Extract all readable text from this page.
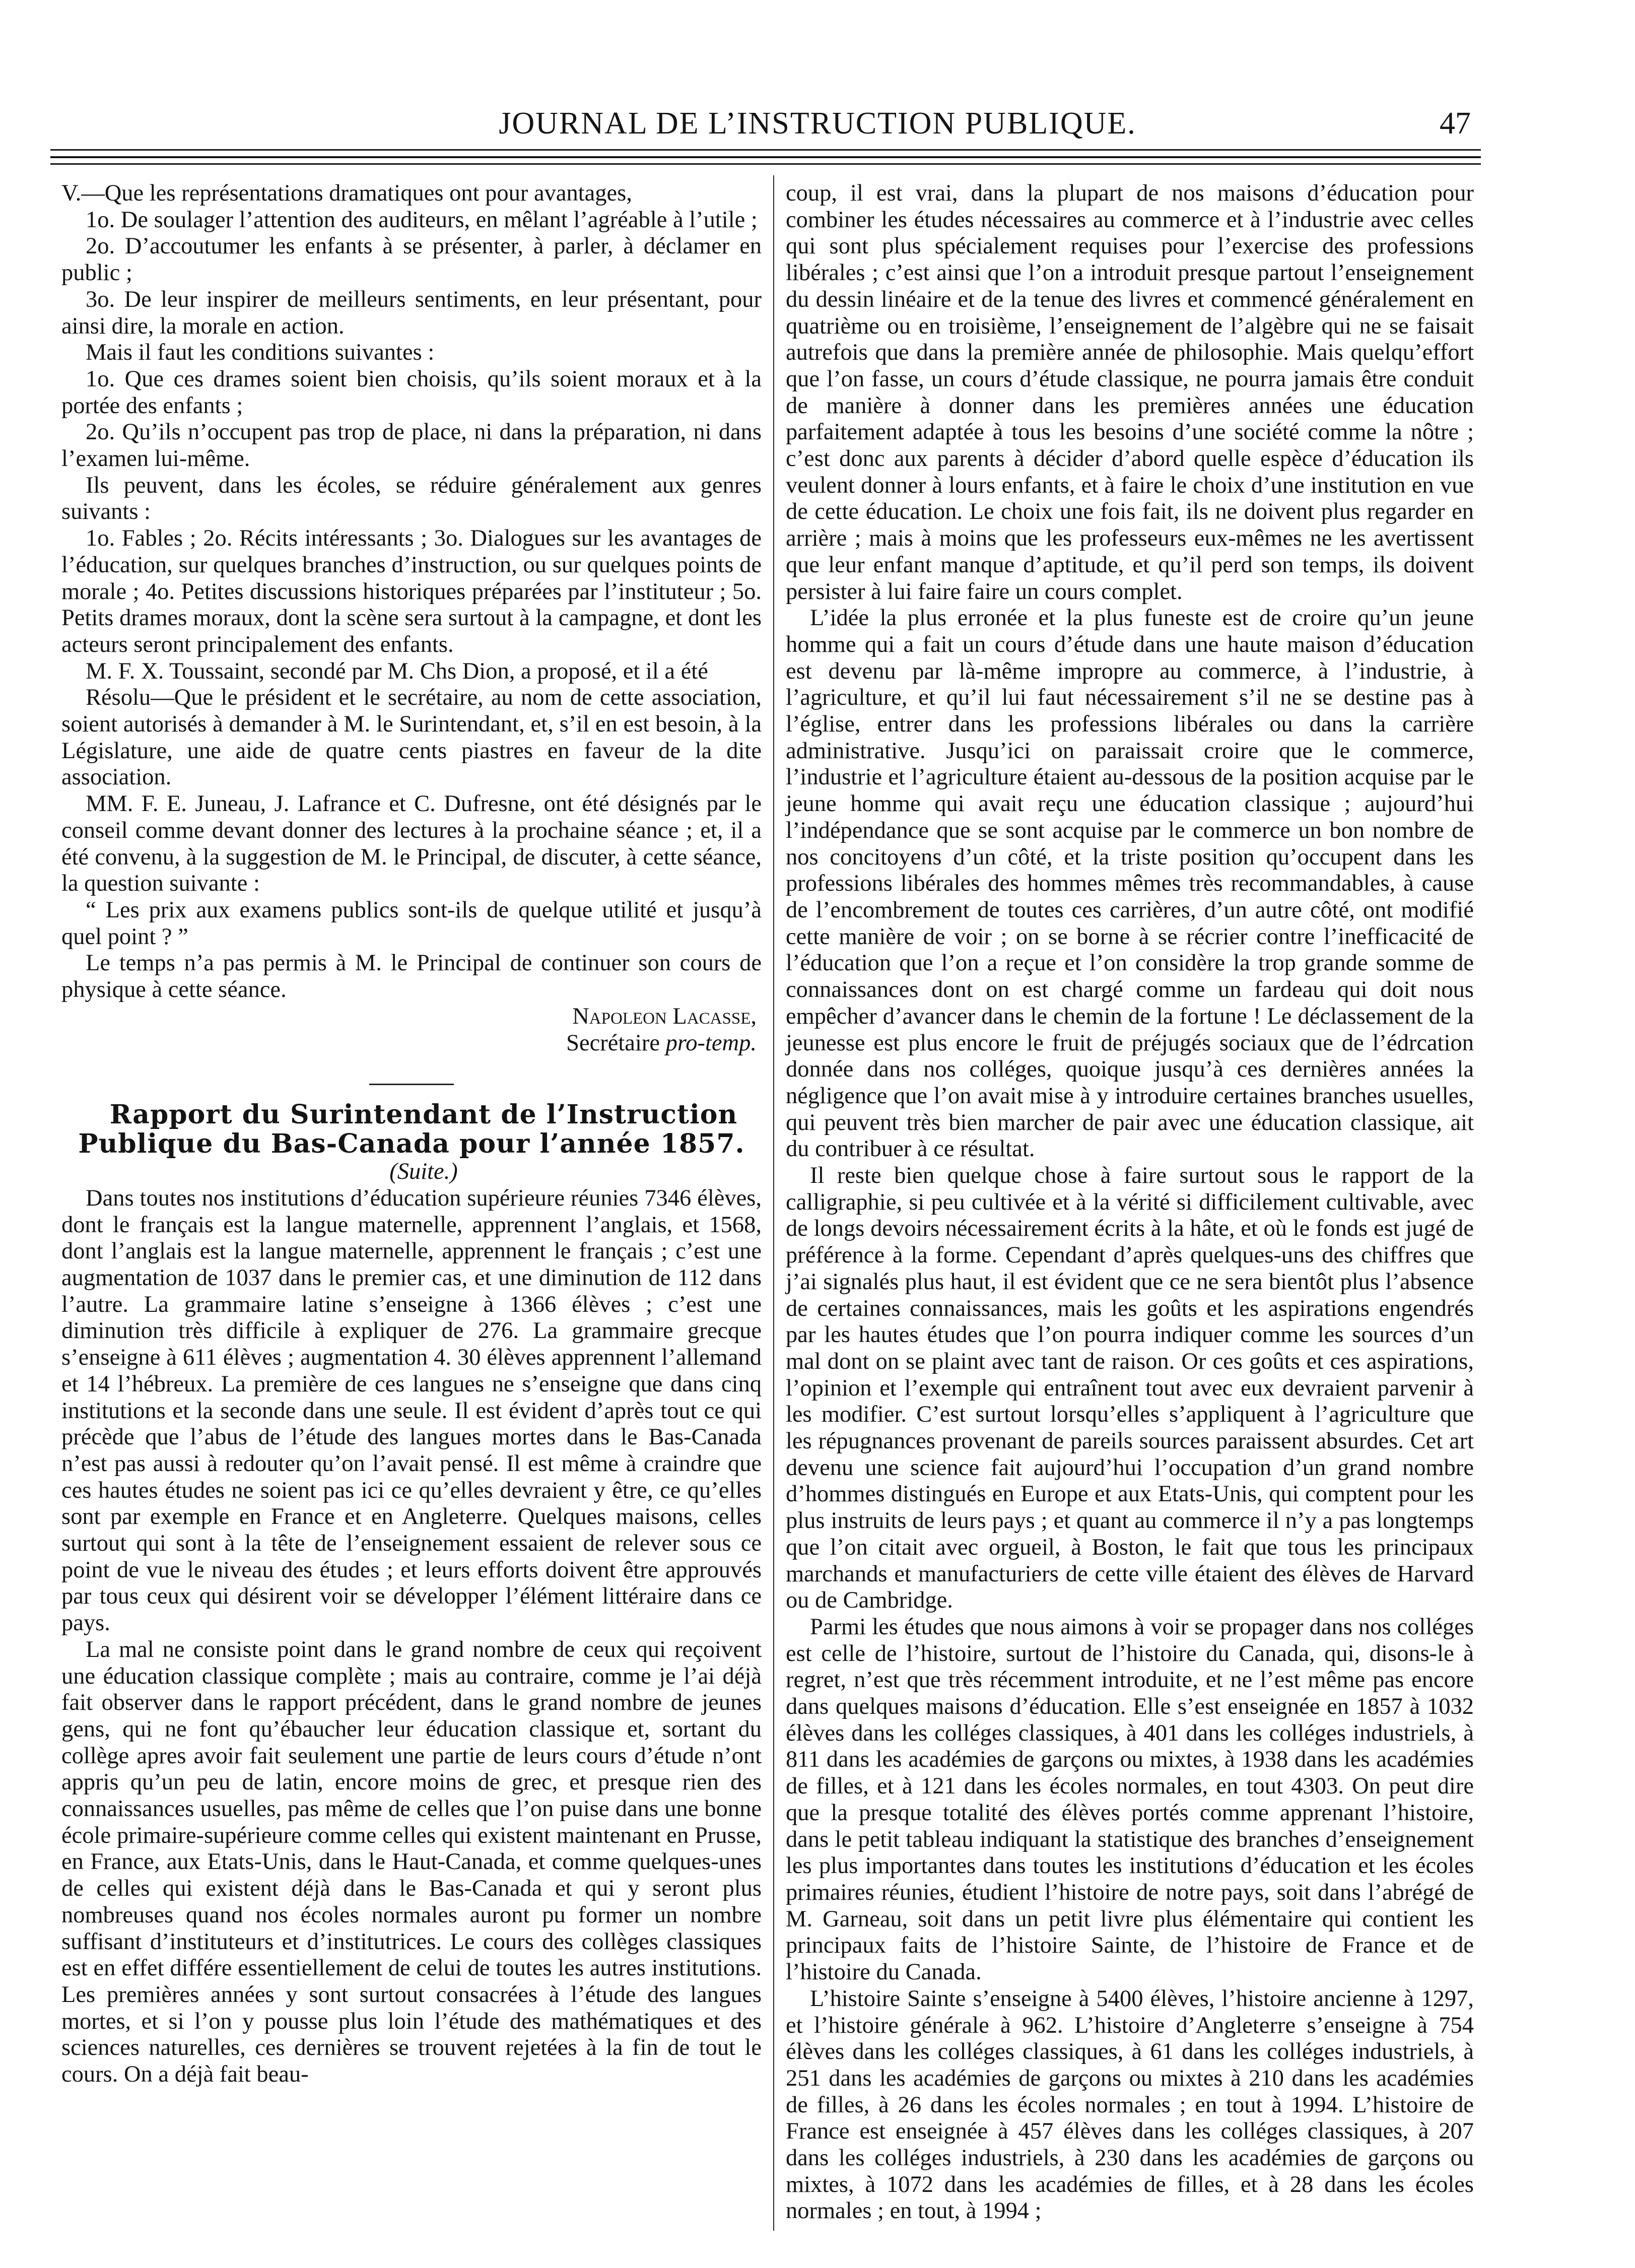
JOURNAL DE L’INSTRUCTION PUBLIQUE.	47

V.—Que les représentations dramatiques ont pour avantages,

1o. De soulager l’attention des auditeurs, en mêlant l’agréable à l’utile ;

2o. D’accoutumer les enfants à se présenter, à parler, à déclamer en public ;

3o. De leur inspirer de meilleurs sentiments, en leur présentant, pour ainsi dire, la morale en action.

Mais il faut les conditions suivantes :

1o. Que ces drames soient bien choisis, qu’ils soient moraux et à la portée des enfants ;

2o. Qu’ils n’occupent pas trop de place, ni dans la préparation, ni dans l’examen lui-même.

Ils peuvent, dans les écoles, se réduire généralement aux genres suivants :

1o. Fables ; 2o. Récits intéressants ; 3o. Dialogues sur les avantages de l’éducation, sur quelques branches d’instruction, ou sur quelques points de morale ; 4o. Petites discussions historiques préparées par l’instituteur ; 5o. Petits drames moraux, dont la scène sera surtout à la campagne, et dont les acteurs seront principalement des enfants.

M. F. X. Toussaint, secondé par M. Chs Dion, a proposé, et il a été

Résolu—Que le président et le secrétaire, au nom de cette association, soient autorisés à demander à M. le Surintendant, et, s’il en est besoin, à la Législature, une aide de quatre cents piastres en faveur de la dite association.

MM. F. E. Juneau, J. Lafrance et C. Dufresne, ont été désignés par le conseil comme devant donner des lectures à la prochaine séance ; et, il a été convenu, à la suggestion de M. le Principal, de discuter, à cette séance, la question suivante :

“ Les prix aux examens publics sont-ils de quelque utilité et jusqu’à quel point ? ”

Le temps n’a pas permis à M. le Principal de continuer son cours de physique à cette séance.

Napoleon Lacasse,

Secrétaire pro-temp.

Rapport du Surintendant de l’Instruction Publique du Bas-Canada pour l’année 1857.

(Suite.)

Dans toutes nos institutions d’éducation supérieure réunies 7346 élèves, dont le français est la langue maternelle, apprennent l’anglais, et 1568, dont l’anglais est la langue maternelle, apprennent le français ; c’est une augmentation de 1037 dans le premier cas, et une diminution de 112 dans l’autre. La grammaire latine s’enseigne à 1366 élèves ; c’est une diminution très difficile à expliquer de 276. La grammaire grecque s’enseigne à 611 élèves ; augmentation 4. 30 élèves apprennent l’allemand et 14 l’hébreux. La première de ces langues ne s’enseigne que dans cinq institutions et la seconde dans une seule. Il est évident d’après tout ce qui précède que l’abus de l’étude des langues mortes dans le Bas-Canada n’est pas aussi à redouter qu’on l’avait pensé. Il est même à craindre que ces hautes études ne soient pas ici ce qu’elles devraient y être, ce qu’elles sont par exemple en France et en Angleterre. Quelques maisons, celles surtout qui sont à la tête de l’enseignement essaient de relever sous ce point de vue le niveau des études ; et leurs efforts doivent être approuvés par tous ceux qui désirent voir se développer l’élément littéraire dans ce pays.

La mal ne consiste point dans le grand nombre de ceux qui reçoivent une éducation classique complète ; mais au contraire, comme je l’ai déjà fait observer dans le rapport précédent, dans le grand nombre de jeunes gens, qui ne font qu’ébaucher leur éducation classique et, sortant du collège apres avoir fait seulement une partie de leurs cours d’étude n’ont appris qu’un peu de latin, encore moins de grec, et presque rien des connaissances usuelles, pas même de celles que l’on puise dans une bonne école primaire-supérieure comme celles qui existent maintenant en Prusse, en France, aux Etats-Unis, dans le Haut-Canada, et comme quelques-unes de celles qui existent déjà dans le Bas-Canada et qui y seront plus nombreuses quand nos écoles normales auront pu former un nombre suffisant d’instituteurs et d’institutrices. Le cours des collèges classiques est en effet différe essentiellement de celui de toutes les autres institutions. Les premières années y sont surtout consacrées à l’étude des langues mortes, et si l’on y pousse plus loin l’étude des mathématiques et des sciences naturelles, ces dernières se trouvent rejetées à la fin de tout le cours. On a déjà fait beau-

coup, il est vrai, dans la plupart de nos maisons d’éducation pour combiner les études nécessaires au commerce et à l’industrie avec celles qui sont plus spécialement requises pour l’exercise des professions libérales ; c’est ainsi que l’on a introduit presque partout l’enseignement du dessin linéaire et de la tenue des livres et commencé généralement en quatrième ou en troisième, l’enseignement de l’algèbre qui ne se faisait autrefois que dans la première année de philosophie. Mais quelqu’effort que l’on fasse, un cours d’étude classique, ne pourra jamais être conduit de manière à donner dans les premières années une éducation parfaitement adaptée à tous les besoins d’une société comme la nôtre ; c’est donc aux parents à décider d’abord quelle espèce d’éducation ils veulent donner à lours enfants, et à faire le choix d’une institution en vue de cette éducation. Le choix une fois fait, ils ne doivent plus regarder en arrière ; mais à moins que les professeurs eux-mêmes ne les avertissent que leur enfant manque d’aptitude, et qu’il perd son temps, ils doivent persister à lui faire faire un cours complet.

L’idée la plus erronée et la plus funeste est de croire qu’un jeune homme qui a fait un cours d’étude dans une haute maison d’éducation est devenu par là-même impropre au commerce, à l’industrie, à l’agriculture, et qu’il lui faut nécessairement s’il ne se destine pas à l’église, entrer dans les professions libérales ou dans la carrière administrative. Jusqu’ici on paraissait croire que le commerce, l’industrie et l’agriculture étaient au-dessous de la position acquise par le jeune homme qui avait reçu une éducation classique ; aujourd’hui l’indépendance que se sont acquise par le commerce un bon nombre de nos concitoyens d’un côté, et la triste position qu’occupent dans les professions libérales des hommes mêmes très recommandables, à cause de l’encombrement de toutes ces carrières, d’un autre côté, ont modifié cette manière de voir ; on se borne à se récrier contre l’inefficacité de l’éducation que l’on a reçue et l’on considère la trop grande somme de connaissances dont on est chargé comme un fardeau qui doit nous empêcher d’avancer dans le chemin de la fortune ! Le déclassement de la jeunesse est plus encore le fruit de préjugés sociaux que de l’édrcation donnée dans nos colléges, quoique jusqu’à ces dernières années la négligence que l’on avait mise à y introduire certaines branches usuelles, qui peuvent très bien marcher de pair avec une éducation classique, ait du contribuer à ce résultat.

Il reste bien quelque chose à faire surtout sous le rapport de la calligraphie, si peu cultivée et à la vérité si difficilement cultivable, avec de longs devoirs nécessairement écrits à la hâte, et où le fonds est jugé de préférence à la forme. Cependant d’après quelques-uns des chiffres que j’ai signalés plus haut, il est évident que ce ne sera bientôt plus l’absence de certaines connaissances, mais les goûts et les aspirations engendrés par les hautes études que l’on pourra indiquer comme les sources d’un mal dont on se plaint avec tant de raison. Or ces goûts et ces aspirations, l’opinion et l’exemple qui entraînent tout avec eux devraient parvenir à les modifier. C’est surtout lorsqu’elles s’appliquent à l’agriculture que les répugnances provenant de pareils sources paraissent absurdes. Cet art devenu une science fait aujourd’hui l’occupation d’un grand nombre d’hommes distingués en Europe et aux Etats-Unis, qui comptent pour les plus instruits de leurs pays ; et quant au commerce il n’y a pas longtemps que l’on citait avec orgueil, à Boston, le fait que tous les principaux marchands et manufacturiers de cette ville étaient des élèves de Harvard ou de Cambridge.

Parmi les études que nous aimons à voir se propager dans nos colléges est celle de l’histoire, surtout de l’histoire du Canada, qui, disons-le à regret, n’est que très récemment introduite, et ne l’est même pas encore dans quelques maisons d’éducation. Elle s’est enseignée en 1857 à 1032 élèves dans les colléges classiques, à 401 dans les colléges industriels, à 811 dans les académies de garçons ou mixtes, à 1938 dans les académies de filles, et à 121 dans les écoles normales, en tout 4303. On peut dire que la presque totalité des élèves portés comme apprenant l’histoire, dans le petit tableau indiquant la statistique des branches d’enseignement les plus importantes dans toutes les institutions d’éducation et les écoles primaires réunies, étudient l’histoire de notre pays, soit dans l’abrégé de M. Garneau, soit dans un petit livre plus élémentaire qui contient les principaux faits de l’histoire Sainte, de l’histoire de France et de l’histoire du Canada.

L’histoire Sainte s’enseigne à 5400 élèves, l’histoire ancienne à 1297, et l’histoire générale à 962. L’histoire d’Angleterre s’enseigne à 754 élèves dans les colléges classiques, à 61 dans les colléges industriels, à 251 dans les académies de garçons ou mixtes à 210 dans les académies de filles, à 26 dans les écoles normales ; en tout à 1994. L’histoire de France est enseignée à 457 élèves dans les colléges classiques, à 207 dans les colléges industriels, à 230 dans les académies de garçons ou mixtes, à 1072 dans les académies de filles, et à 28 dans les écoles normales ; en tout, à 1994 ;
